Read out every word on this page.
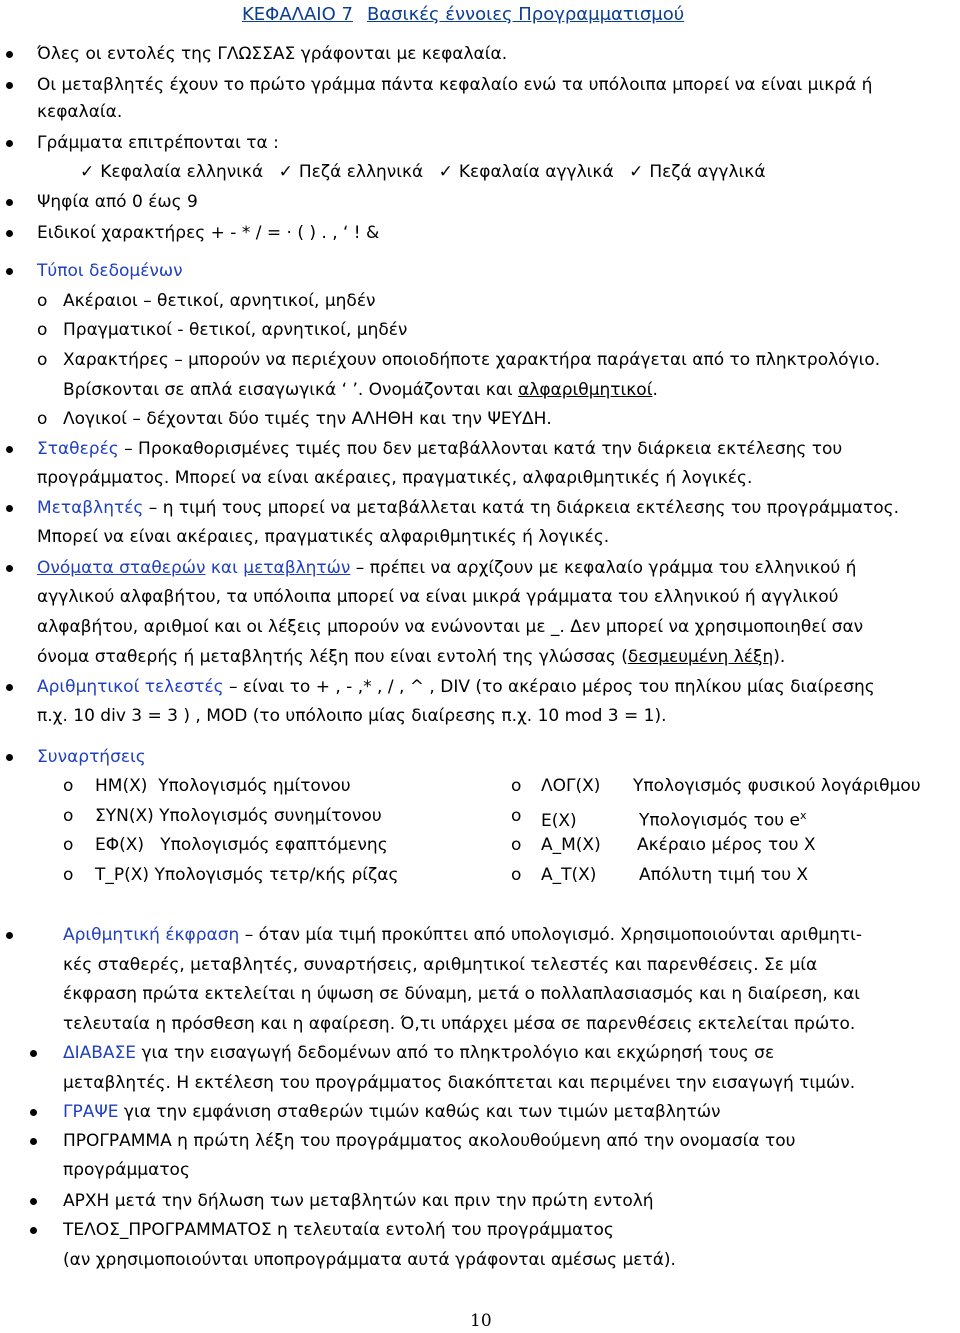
ΚΕΦΑΛΑΙΟ 7 Βασικές έννοιες Προγραμματισμού
Όλες οι εντολές της ΓΛΩΣΣΑΣ γράφονται με κεφαλαία.
Οι μεταβλητές έχουν το πρώτο γράμμα πάντα κεφαλαίο ενώ τα υπόλοιπα μπορεί να είναι μικρά ή
κεφαλαία.
Γράμματα επιτρέπονται τα :
✓ Κεφαλαία ελληνικά ✓ Πεζά ελληνικά ✓ Κεφαλαία αγγλικά ✓ Πεζά αγγλικά
Ψηφία από 0 έως 9
Ειδικοί χαρακτήρες + - * / = ‧ ( ) . , ‘ ! &
Τύποι δεδομένων
o Ακέραιοι – θετικοί, αρνητικοί, μηδέν
o Πραγματικοί - θετικοί, αρνητικοί, μηδέν
o Χαρακτήρες – μπορούν να περιέχουν οποιοδήποτε χαρακτήρα παράγεται από το πληκτρολόγιο.
Βρίσκονται σε απλά εισαγωγικά ‘ ’. Ονομάζονται και αλφαριθμητικοί.
o Λογικοί – δέχονται δύο τιμές την ΑΛΗΘΗ και την ΨΕΥΔΗ.
Σταθερές – Προκαθορισμένες τιμές που δεν μεταβάλλονται κατά την διάρκεια εκτέλεσης του
προγράμματος. Μπορεί να είναι ακέραιες, πραγματικές, αλφαριθμητικές ή λογικές.
Μεταβλητές – η τιμή τους μπορεί να μεταβάλλεται κατά τη διάρκεια εκτέλεσης του προγράμματος.
Μπορεί να είναι ακέραιες, πραγματικές αλφαριθμητικές ή λογικές.
Ονόματα σταθερών και μεταβλητών – πρέπει να αρχίζουν με κεφαλαίο γράμμα του ελληνικού ή
αγγλικού αλφαβήτου, τα υπόλοιπα μπορεί να είναι μικρά γράμματα του ελληνικού ή αγγλικού
αλφαβήτου, αριθμοί και οι λέξεις μπορούν να ενώνονται με _. Δεν μπορεί να χρησιμοποιηθεί σαν
όνομα σταθερής ή μεταβλητής λέξη που είναι εντολή της γλώσσας (δεσμευμένη λέξη).
Αριθμητικοί τελεστές – είναι το + , - ,* , / , ^ , DIV (το ακέραιο μέρος του πηλίκου μίας διαίρεσης
π.χ. 10 div 3 = 3 ) , MOD (το υπόλοιπο μίας διαίρεσης π.χ. 10 mod 3 = 1).
Συναρτήσεις
o ΗΜ(Χ) Υπολογισμός ημίτονου
o ΣΥΝ(Χ) Υπολογισμός συνημίτονου
o ΕΦ(Χ) Υπολογισμός εφαπτόμενης
o Τ_Ρ(Χ) Υπολογισμός τετρ/κής ρίζας
o ΛΟΓ(Χ) Υπολογισμός φυσικού λογάριθμου
o Ε(Χ)	Υπολογισμός του $e^x$
o Α_Μ(Χ) Ακέραιο μέρος του Χ
o Α_Τ(Χ)	Απόλυτη τιμή του Χ
Αριθμητική έκφραση – όταν μία τιμή προκύπτει από υπολογισμό. Χρησιμοποιούνται αριθμητι-
κές σταθερές, μεταβλητές, συναρτήσεις, αριθμητικοί τελεστές και παρενθέσεις. Σε μία
έκφραση πρώτα εκτελείται η ύψωση σε δύναμη, μετά ο πολλαπλασιασμός και η διαίρεση, και
τελευταία η πρόσθεση και η αφαίρεση. Ό,τι υπάρχει μέσα σε παρενθέσεις εκτελείται πρώτο.
ΔΙΑΒΑΣΕ για την εισαγωγή δεδομένων από το πληκτρολόγιο και εκχώρησή τους σε
μεταβλητές. Η εκτέλεση του προγράμματος διακόπτεται και περιμένει την εισαγωγή τιμών.
ΓΡΑΨΕ για την εμφάνιση σταθερών τιμών καθώς και των τιμών μεταβλητών
ΠΡΟΓΡΑΜΜΑ η πρώτη λέξη του προγράμματος ακολουθούμενη από την ονομασία του
προγράμματος
ΑΡΧΗ μετά την δήλωση των μεταβλητών και πριν την πρώτη εντολή
ΤΕΛΟΣ_ΠΡΟΓΡΑΜΜΑΤΟΣ η τελευταία εντολή του προγράμματος
(αν χρησιμοποιούνται υποπρογράμματα αυτά γράφονται αμέσως μετά).
10
